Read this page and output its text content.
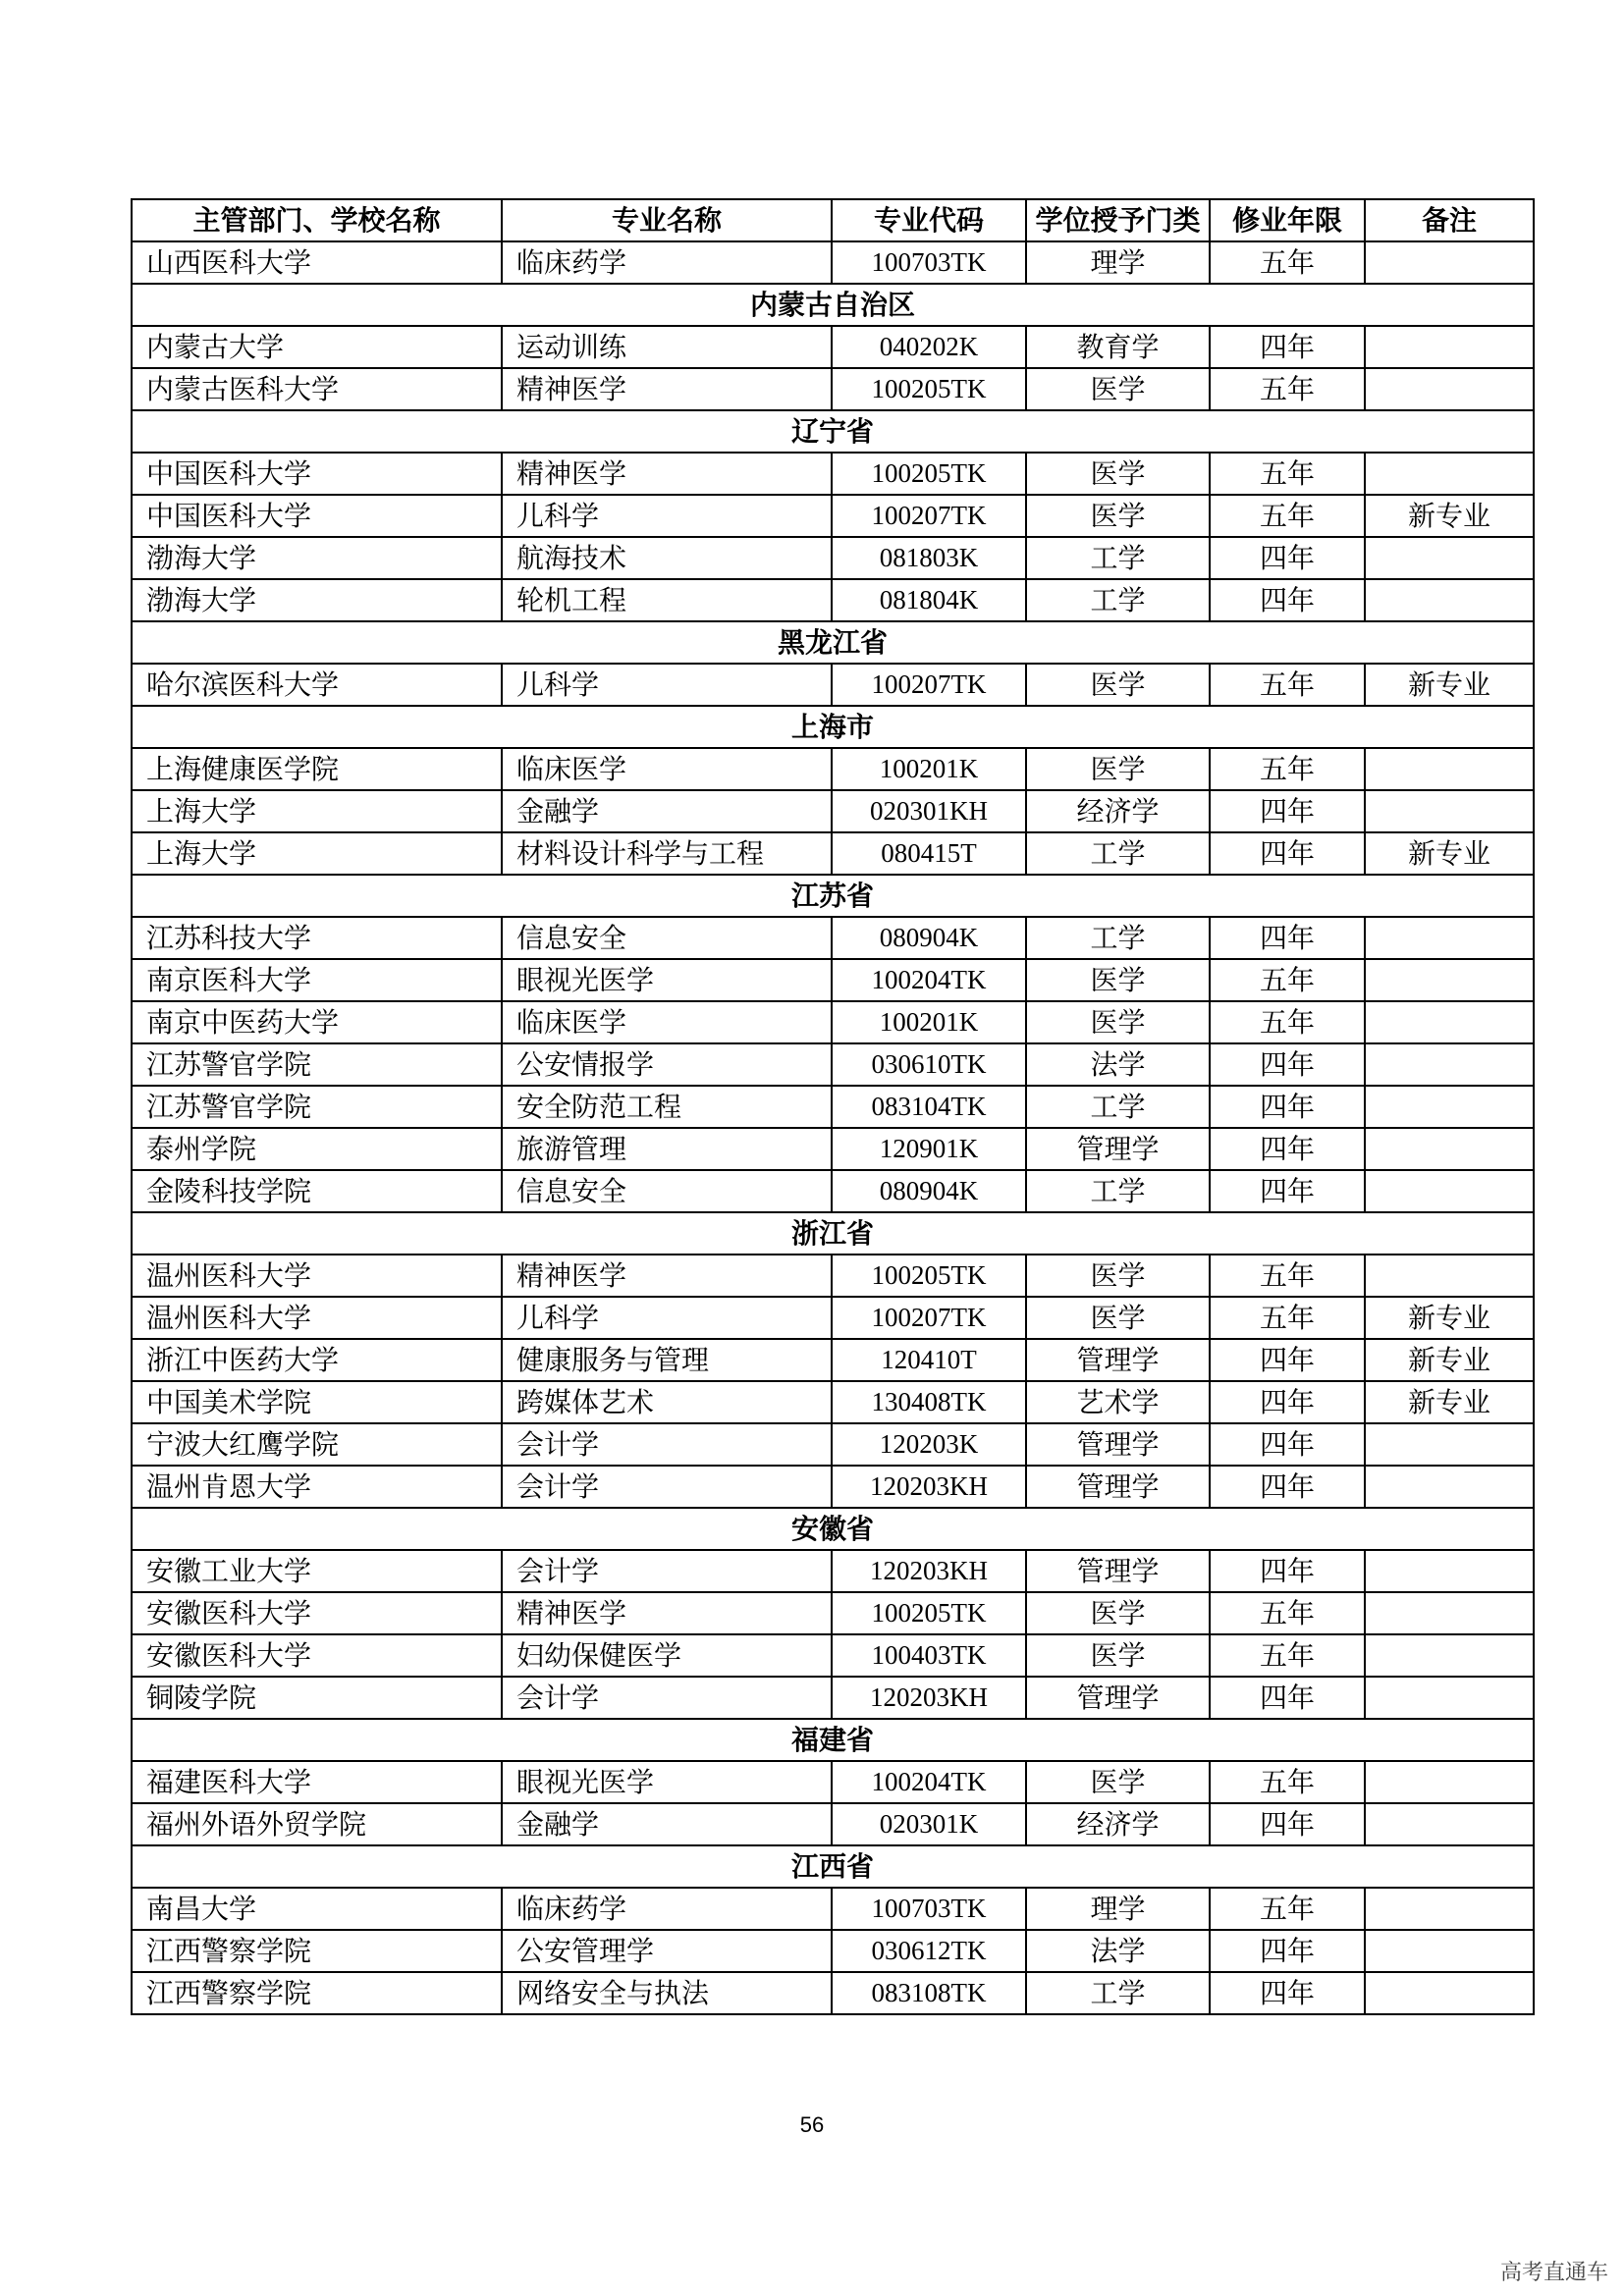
主管部门、学校名称	专业名称	专业代码	学位授予门类	修业年限	备注
山西医科大学	临床药学	100703TK	理学	五年	
内蒙古自治区					
内蒙古大学	运动训练	040202K	教育学	四年	
内蒙古医科大学	精神医学	100205TK	医学	五年	
辽宁省					
中国医科大学	精神医学	100205TK	医学	五年	
中国医科大学	儿科学	100207TK	医学	五年	新专业
渤海大学	航海技术	081803K	工学	四年	
渤海大学	轮机工程	081804K	工学	四年	
黑龙江省					
哈尔滨医科大学	儿科学	100207TK	医学	五年	新专业
上海市					
上海健康医学院	临床医学	100201K	医学	五年	
上海大学	金融学	020301KH	经济学	四年	
上海大学	材料设计科学与工程	080415T	工学	四年	新专业
江苏省					
江苏科技大学	信息安全	080904K	工学	四年	
南京医科大学	眼视光医学	100204TK	医学	五年	
南京中医药大学	临床医学	100201K	医学	五年	
江苏警官学院	公安情报学	030610TK	法学	四年	
江苏警官学院	安全防范工程	083104TK	工学	四年	
泰州学院	旅游管理	120901K	管理学	四年	
金陵科技学院	信息安全	080904K	工学	四年	
浙江省					
温州医科大学	精神医学	100205TK	医学	五年	
温州医科大学	儿科学	100207TK	医学	五年	新专业
浙江中医药大学	健康服务与管理	120410T	管理学	四年	新专业
中国美术学院	跨媒体艺术	130408TK	艺术学	四年	新专业
宁波大红鹰学院	会计学	120203K	管理学	四年	
温州肯恩大学	会计学	120203KH	管理学	四年	
安徽省					
安徽工业大学	会计学	120203KH	管理学	四年	
安徽医科大学	精神医学	100205TK	医学	五年	
安徽医科大学	妇幼保健医学	100403TK	医学	五年	
铜陵学院	会计学	120203KH	管理学	四年	
福建省					
福建医科大学	眼视光医学	100204TK	医学	五年	
福州外语外贸学院	金融学	020301K	经济学	四年	
江西省					
南昌大学	临床药学	100703TK	理学	五年	
江西警察学院	公安管理学	030612TK	法学	四年	
江西警察学院	网络安全与执法	083108TK	工学	四年	
56
高考直通车
